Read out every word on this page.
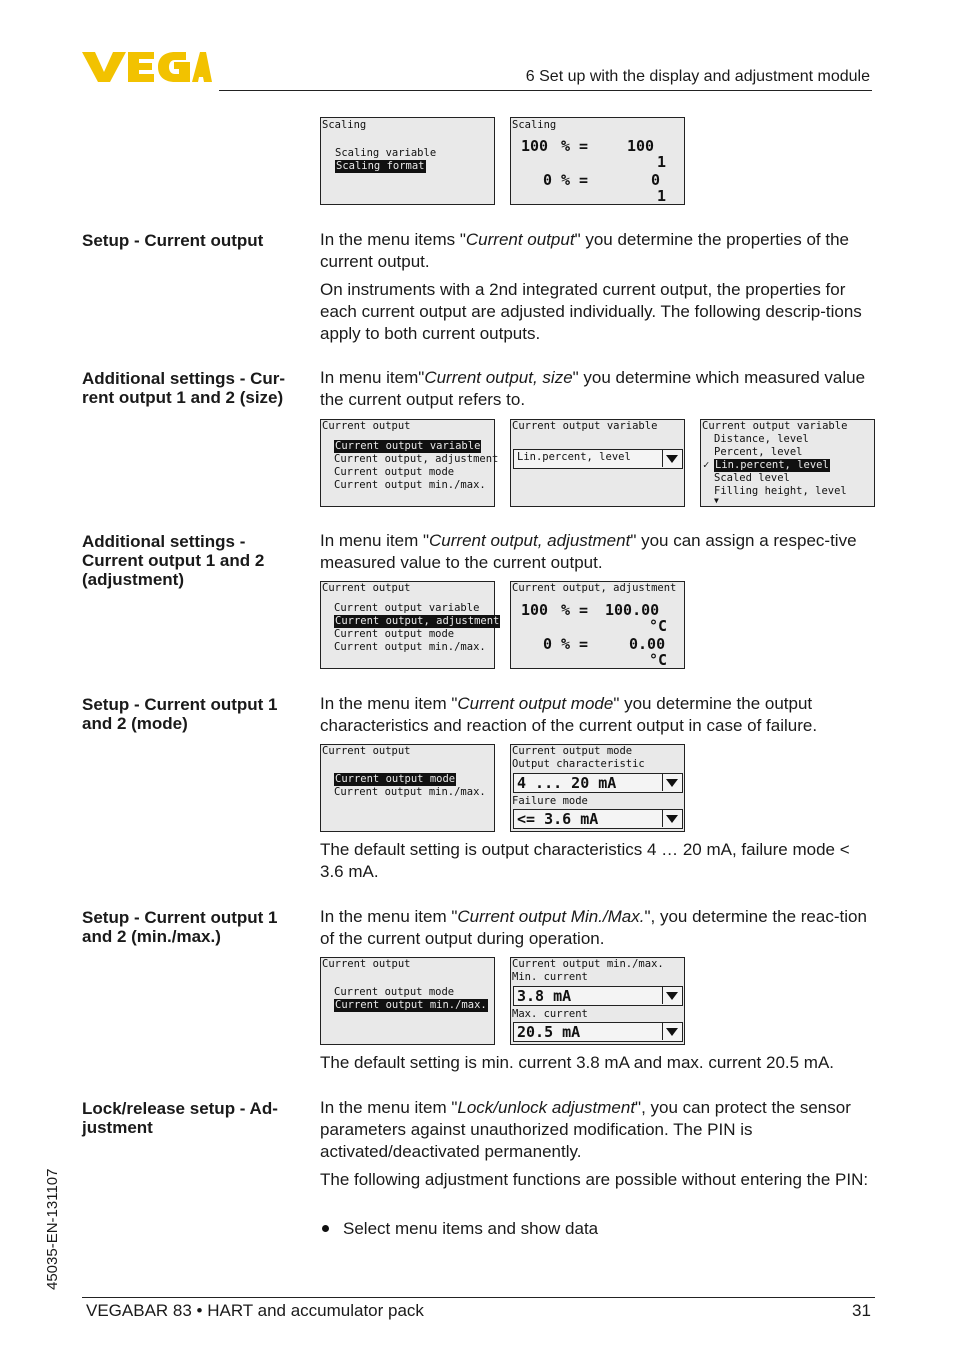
6 Set up with the display and adjustment module
Scaling
Scaling variable
Scaling format
Scaling
100 % =	100
1
0 % =	0
1
Setup - Current output	In the menu items "Current output" you determine the properties of the current output.
On instruments with a 2nd integrated current output, the properties for each current output are adjusted individually. The following descrip-tions apply to both current outputs.
Additional settings - Cur-rent output 1 and 2 (size)
In menu item"Current output, size" you determine which measured value the current output refers to.
Current output
Current output variable
Current output, adjustment
Current output mode
Current output min./max.
Current output variable
Lin.percent, level
Current output variable
Distance, level
Percent, level
✓ Lin.percent, level
Scaled level
Filling height, level
▼
Additional settings - Current output 1 and 2 (adjustment)
In menu item "Current output, adjustment" you can assign a respec-tive measured value to the current output.
Current output
Current output variable
Current output, adjustment
Current output mode
Current output min./max.
Current output, adjustment
100 % = 100.00
°C
0 % =	0.00
°C
Setup - Current output 1 and 2 (mode)
In the menu item "Current output mode" you determine the output characteristics and reaction of the current output in case of failure.
Current output
Current output mode
Current output min./max.
Current output mode
Output characteristic
4 ... 20 mA
Failure mode
<= 3.6 mA
The default setting is output characteristics 4 … 20 mA, failure mode < 3.6 mA.
Setup - Current output 1 and 2 (min./max.)
In the menu item "Current output Min./Max.", you determine the reac-tion of the current output during operation.
Current output
Current output mode
Current output min./max.
Current output min./max.
Min. current
3.8 mA
Max. current
20.5 mA
The default setting is min. current 3.8 mA and max. current 20.5 mA.
Lock/release setup - Ad-justment
In the menu item "Lock/unlock adjustment", you can protect the sensor parameters against unauthorized modification. The PIN is activated/deactivated permanently.
The following adjustment functions are possible without entering the PIN:
Select menu items and show data
45035-EN-131107
VEGABAR 83 • HART and accumulator pack	31
